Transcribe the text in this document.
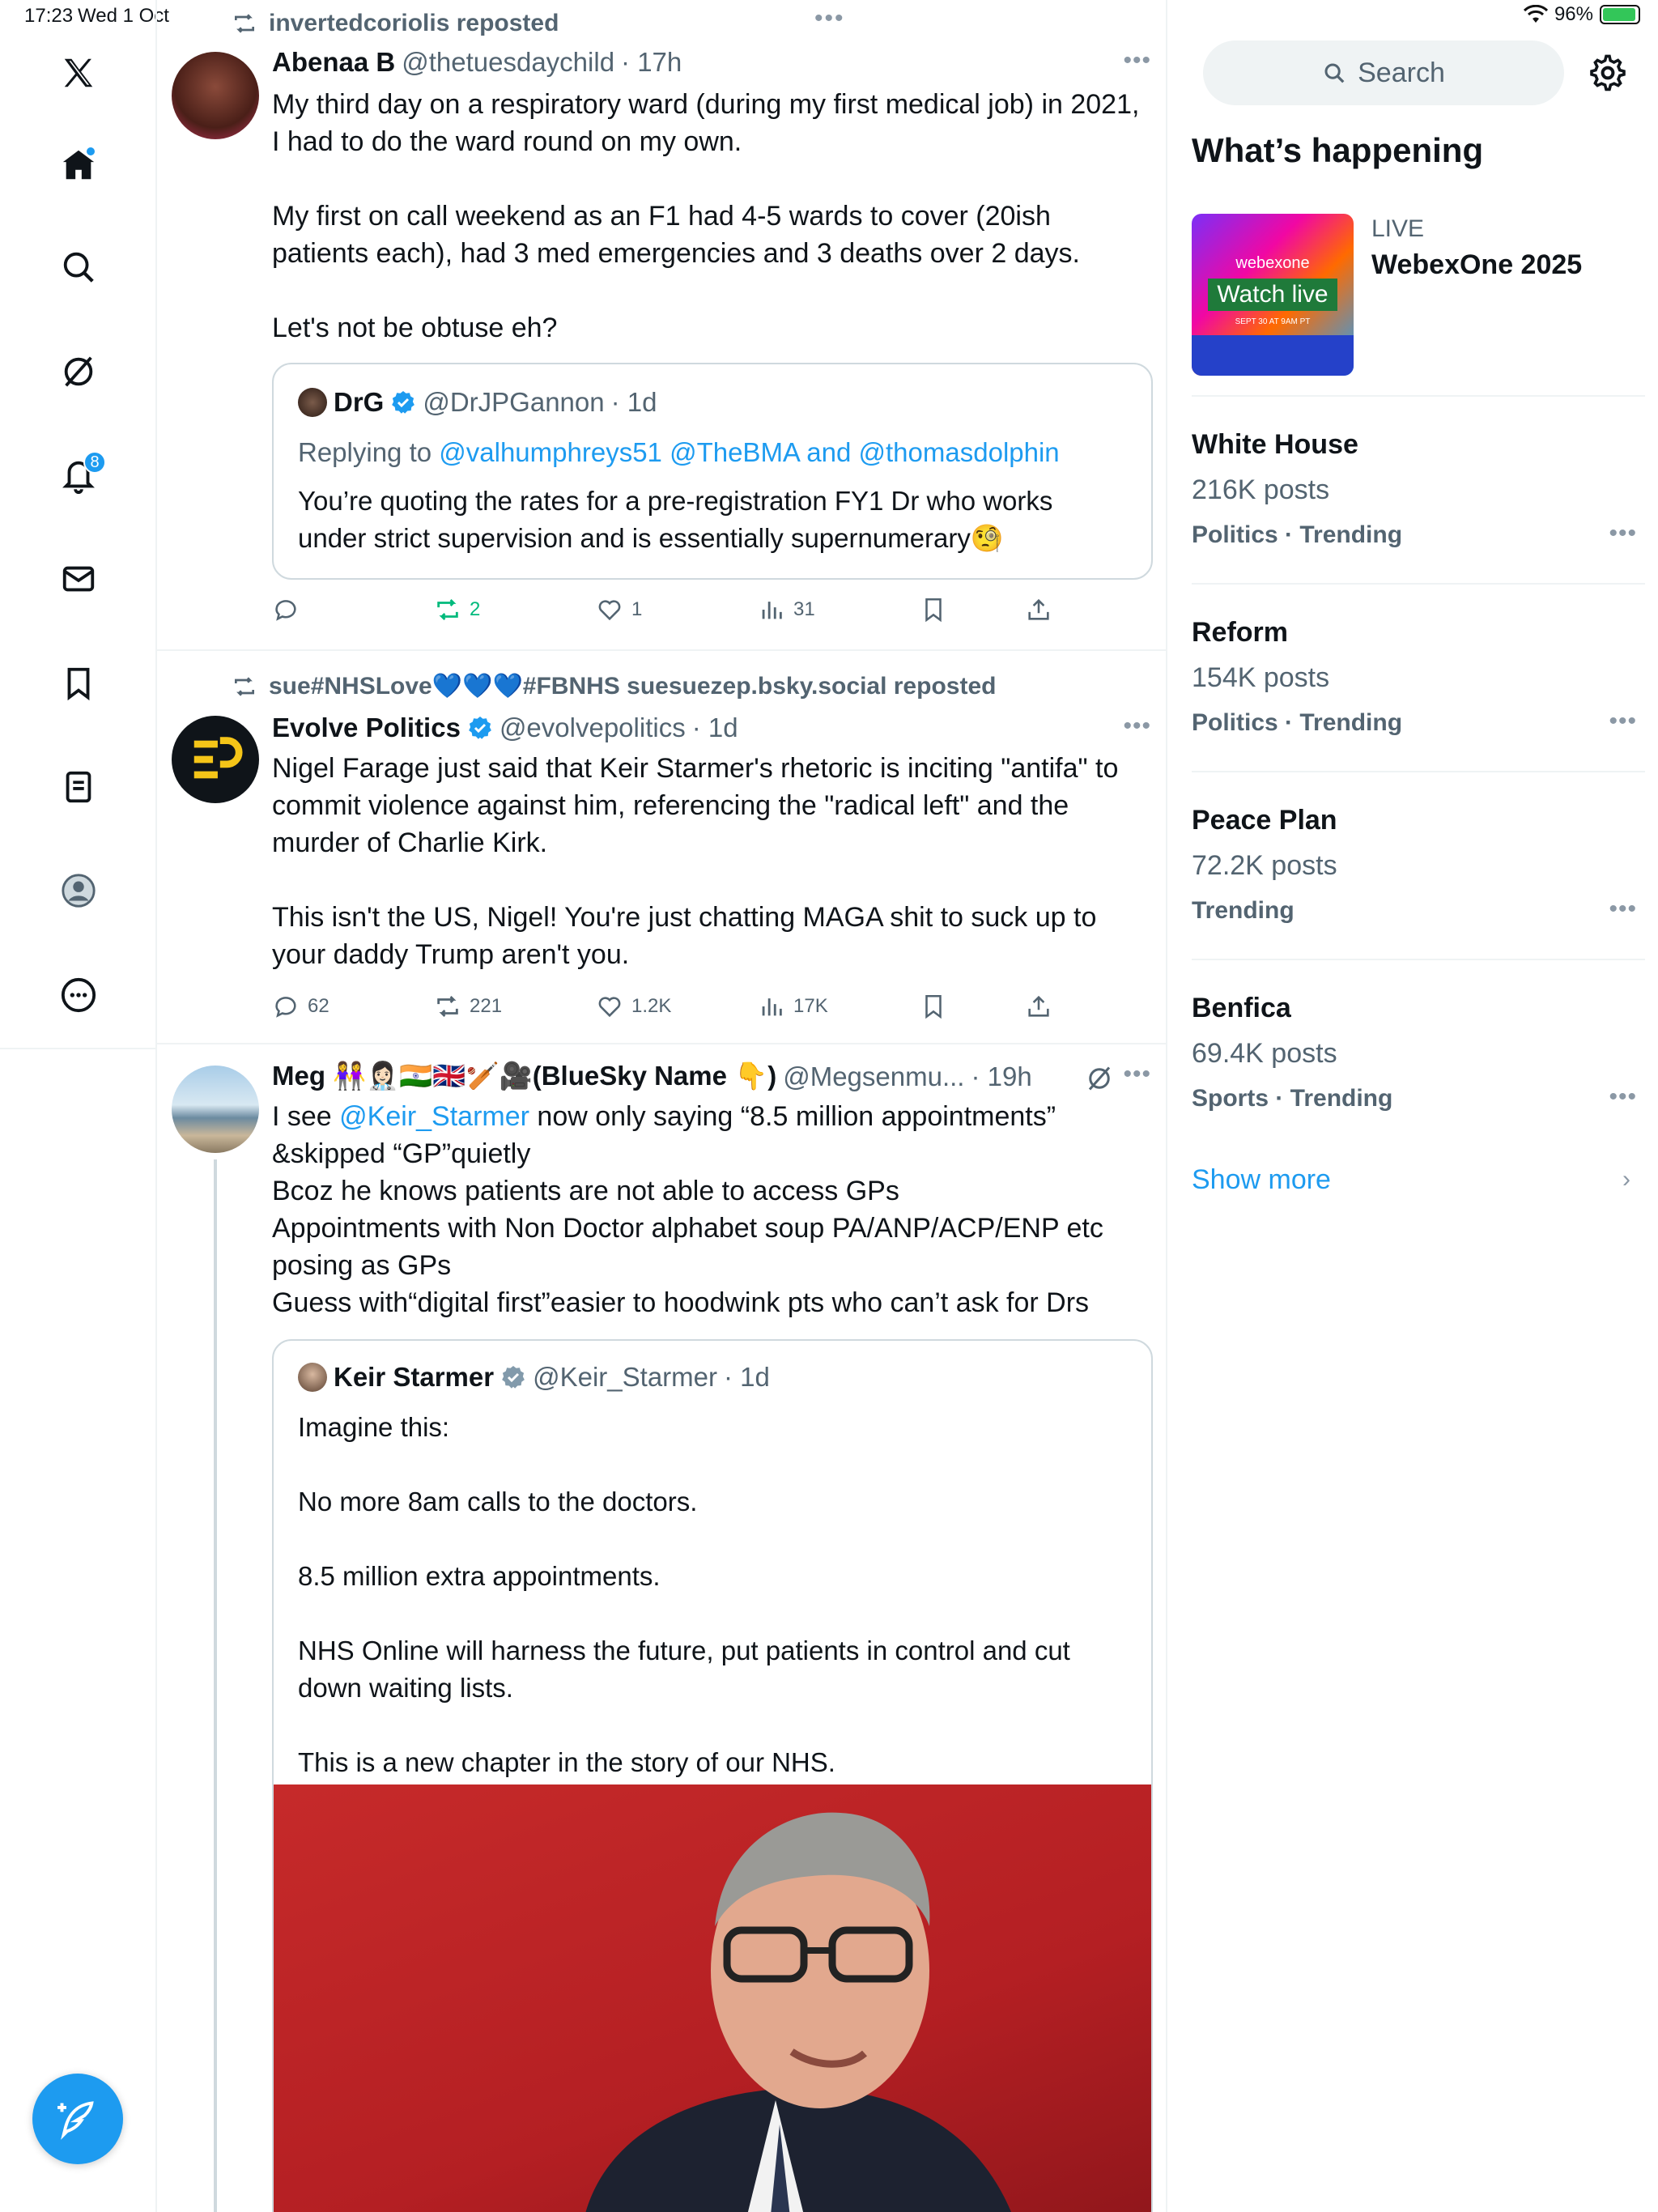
17:23 Wed 1 Oct	96%
•••
8
invertedcoriolis reposted
Abenaa B @thetuesdaychild · 17h	•••
My third day on a respiratory ward (during my first medical job) in 2021,
I had to do the ward round on my own.

My first on call weekend as an F1 had 4-5 wards to cover (20ish
patients each), had 3 med emergencies and 3 deaths over 2 days.

Let's not be obtuse eh?
DrG @DrJPGannon · 1d
Replying to @valhumphreys51 @TheBMA and @thomasdolphin
You’re quoting the rates for a pre-registration FY1 Dr who works
under strict supervision and is essentially supernumerary🧐
2	1	31
sue#NHSLove💙💙💙#FBNHS suesuezep.bsky.social reposted
Evolve Politics @evolvepolitics · 1d	•••
Nigel Farage just said that Keir Starmer's rhetoric is inciting "antifa" to
commit violence against him, referencing the "radical left" and the
murder of Charlie Kirk.

This isn't the US, Nigel! You're just chatting MAGA shit to suck up to
your daddy Trump aren't you.
62	221	1.2K	17K
Meg 👭👩🏻‍⚕️🇮🇳🇬🇧🏏🎥(BlueSky Name 👇) @Megsenmu... · 19h	•••
I see @Keir_Starmer now only saying “8.5 million appointments”
&skipped “GP”quietly
Bcoz he knows patients are not able to access GPs
Appointments with Non Doctor alphabet soup PA/ANP/ACP/ENP etc
posing as GPs
Guess with“digital first”easier to hoodwink pts who can’t ask for Drs
Keir Starmer @Keir_Starmer · 1d
Imagine this:

No more 8am calls to the doctors.

8.5 million extra appointments.

NHS Online will harness the future, put patients in control and cut
down waiting lists.

This is a new chapter in the story of our NHS.
Search
What’s happening
webexone
Watch live
SEPT 30 AT 9AM PT
LIVE
WebexOne 2025
White House
216K posts
Politics · Trending	•••
Reform
154K posts
Politics · Trending	•••
Peace Plan
72.2K posts
Trending	•••
Benfica
69.4K posts
Sports · Trending	•••
Show more	›
